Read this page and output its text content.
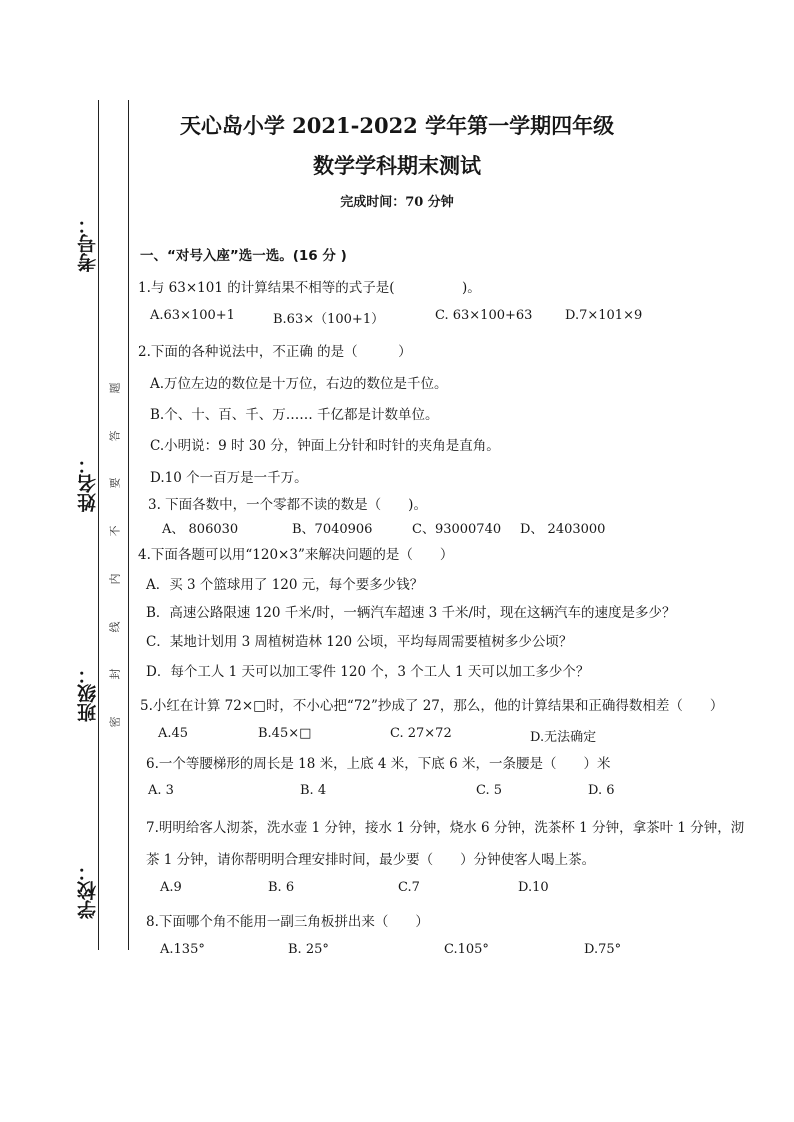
考号：
姓名：
班级：
学校：
题
答
要
不
内
线
封
密
天心岛小学 2021-2022 学年第一学期四年级
数学学科期末测试
完成时间：70 分钟
一、“对号入座”选一选。(16 分 )
1.与 63×101 的计算结果不相等的式子是(　　　　　)。
A.63×100+1	B.63×（100+1）	C. 63×100+63	D.7×101×9
2.下面的各种说法中，不正确 的是（　　　）
A.万位左边的数位是十万位，右边的数位是千位。
B.个、十、百、千、万…… 千亿都是计数单位。
C.小明说：9 时 30 分，钟面上分针和时针的夹角是直角。
D.10 个一百万是一千万。
3. 下面各数中，一个零都不读的数是（　　)。
A、 806030	B、7040906	C、93000740	D、 2403000
4.下面各题可以用“120×3”来解决问题的是（　　）
A．买 3 个篮球用了 120 元，每个要多少钱？
B．高速公路限速 120 千米/时，一辆汽车超速 3 千米/时，现在这辆汽车的速度是多少？
C．某地计划用 3 周植树造林 120 公顷，平均每周需要植树多少公顷？
D．每个工人 1 天可以加工零件 120 个，3 个工人 1 天可以加工多少个？
5.小红在计算 72×□时，不小心把“72”抄成了 27，那么，他的计算结果和正确得数相差（　　）
A.45	B.45×□	C. 27×72	D.无法确定
6.一个等腰梯形的周长是 18 米，上底 4 米，下底 6 米，一条腰是（　　）米
A. 3	B. 4	C. 5	D. 6
7.明明给客人沏茶，洗水壶 1 分钟，接水 1 分钟，烧水 6 分钟，洗茶杯 1 分钟，拿茶叶 1 分钟，沏
茶 1 分钟，请你帮明明合理安排时间，最少要（　　）分钟使客人喝上茶。
A.9	B. 6	C.7	D.10
8.下面哪个角不能用一副三角板拼出来（　　）
A.135°	B. 25°	C.105°	D.75°
